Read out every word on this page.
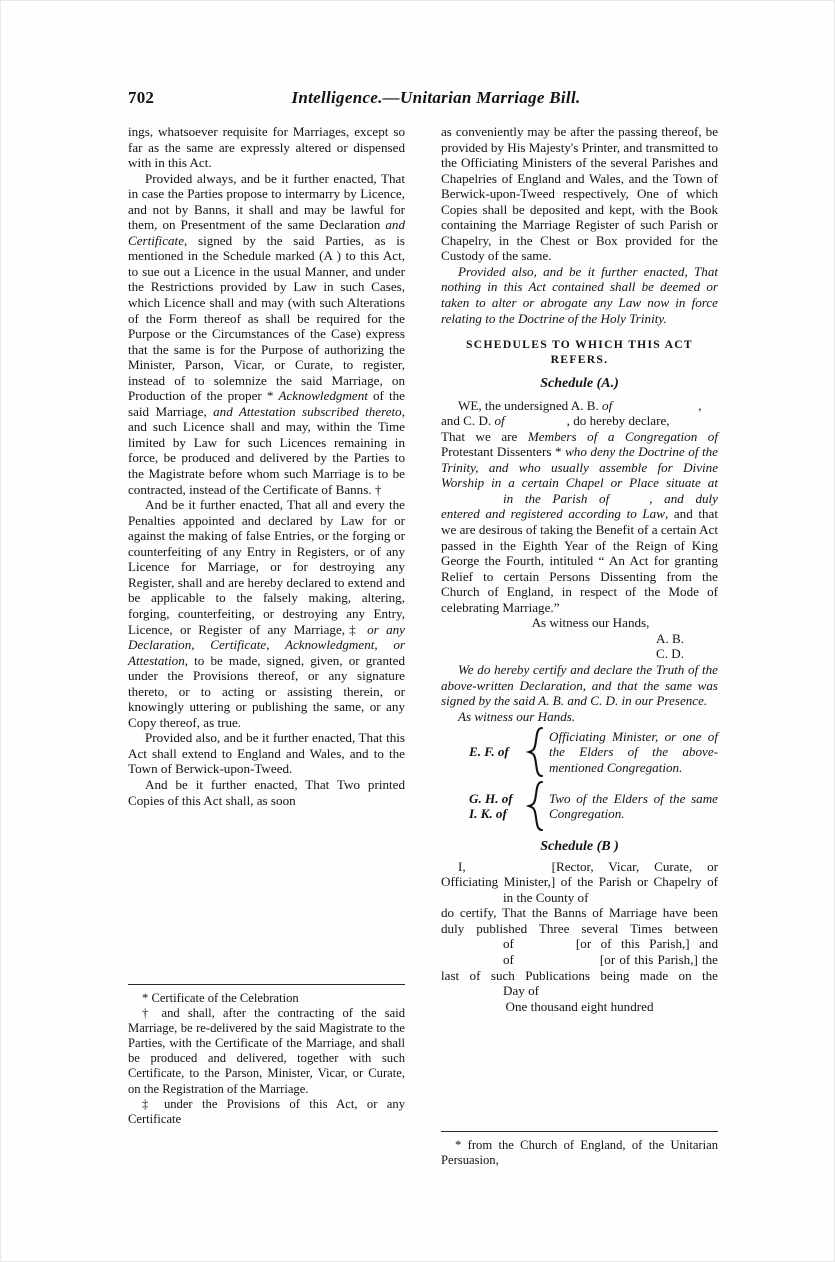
702	Intelligence.—Unitarian Marriage Bill.

ings, whatsoever requisite for Marriages, except so far as the same are expressly altered or dispensed with in this Act.

Provided always, and be it further enacted, That in case the Parties propose to intermarry by Licence, and not by Banns, it shall and may be lawful for them, on Presentment of the same Declaration and Certificate, signed by the said Parties, as is mentioned in the Schedule marked (A ) to this Act, to sue out a Licence in the usual Manner, and under the Restrictions provided by Law in such Cases, which Licence shall and may (with such Alterations of the Form thereof as shall be required for the Purpose or the Circumstances of the Case) express that the same is for the Purpose of authorizing the Minister, Parson, Vicar, or Curate, to register, instead of to solemnize the said Marriage, on Production of the proper * Acknowledgment of the said Marriage, and Attestation subscribed thereto, and such Licence shall and may, within the Time limited by Law for such Licences remaining in force, be produced and delivered by the Parties to the Magistrate before whom such Marriage is to be contracted, instead of the Certificate of Banns. †

And be it further enacted, That all and every the Penalties appointed and declared by Law for or against the making of false Entries, or the forging or counterfeiting of any Entry in Registers, or of any Licence for Marriage, or for destroying any Register, shall and are hereby declared to extend and be applicable to the falsely making, altering, forging, counterfeiting, or destroying any Entry, Licence, or Register of any Marriage,‡ or any Declaration, Certificate, Acknowledgment, or Attestation, to be made, signed, given, or granted under the Provisions thereof, or any signature thereto, or to acting or assisting therein, or knowingly uttering or publishing the same, or any Copy thereof, as true.

Provided also, and be it further enacted, That this Act shall extend to England and Wales, and to the Town of Berwick-upon-Tweed.

And be it further enacted, That Two printed Copies of this Act shall, as soon

as conveniently may be after the passing thereof, be provided by His Majesty's Printer, and transmitted to the Officiating Ministers of the several Parishes and Chapelries of England and Wales, and the Town of Berwick-upon-Tweed respectively, One of which Copies shall be deposited and kept, with the Book containing the Marriage Register of such Parish or Chapelry, in the Chest or Box provided for the Custody of the same.

Provided also, and be it further enacted, That nothing in this Act contained shall be deemed or taken to alter or abrogate any Law now in force relating to the Doctrine of the Holy Trinity.

SCHEDULES TO WHICH THIS ACT
REFERS.

Schedule (A.)

WE, the undersigned A. B. of	,
and C. D. of	, do hereby declare,

That we are Members of a Congregation of Protestant Dissenters * who deny the Doctrine of the Trinity, and who usually assemble for Divine Worship in a certain Chapel or Place situate atin the Parish of	, and duly entered and registered according to Law, and that we are desirous of taking the Benefit of a certain Act passed in the Eighth Year of the Reign of King George the Fourth, intituled “ An Act for granting Relief to certain Persons Dissenting from the Church of England, in respect of the Mode of celebrating Marriage.”

As witness our Hands,

A. B.

C. D.

We do hereby certify and declare the Truth of the above-written Declaration, and that the same was signed by the said A. B. and C. D. in our Presence.

As witness our Hands.

E. F. of
Officiating Minister, or one of the Elders of the above-mentioned Congregation.
G. H. of
I. K. of
Two of the Elders of the same Congregation.

Schedule (B )

I,	[Rector, Vicar, Curate, or Officiating Minister,] of the Parish or Chapelry ofin the County of
do certify, That the Banns of Marriage have been duly published Three several Times betweenof	[or of this Parish,] andof	[or of this Parish,] the last of such Publications being made on theDay of

One thousand eight hundred

* Certificate of the Celebration

† and shall, after the contracting of the said Marriage, be re-delivered by the said Magistrate to the Parties, with the Certificate of the Marriage, and shall be produced and delivered, together with such Certificate, to the Parson, Minister, Vicar, or Curate, on the Registration of the Marriage.

‡ under the Provisions of this Act, or any Certificate

* from the Church of England, of the Unitarian Persuasion,
